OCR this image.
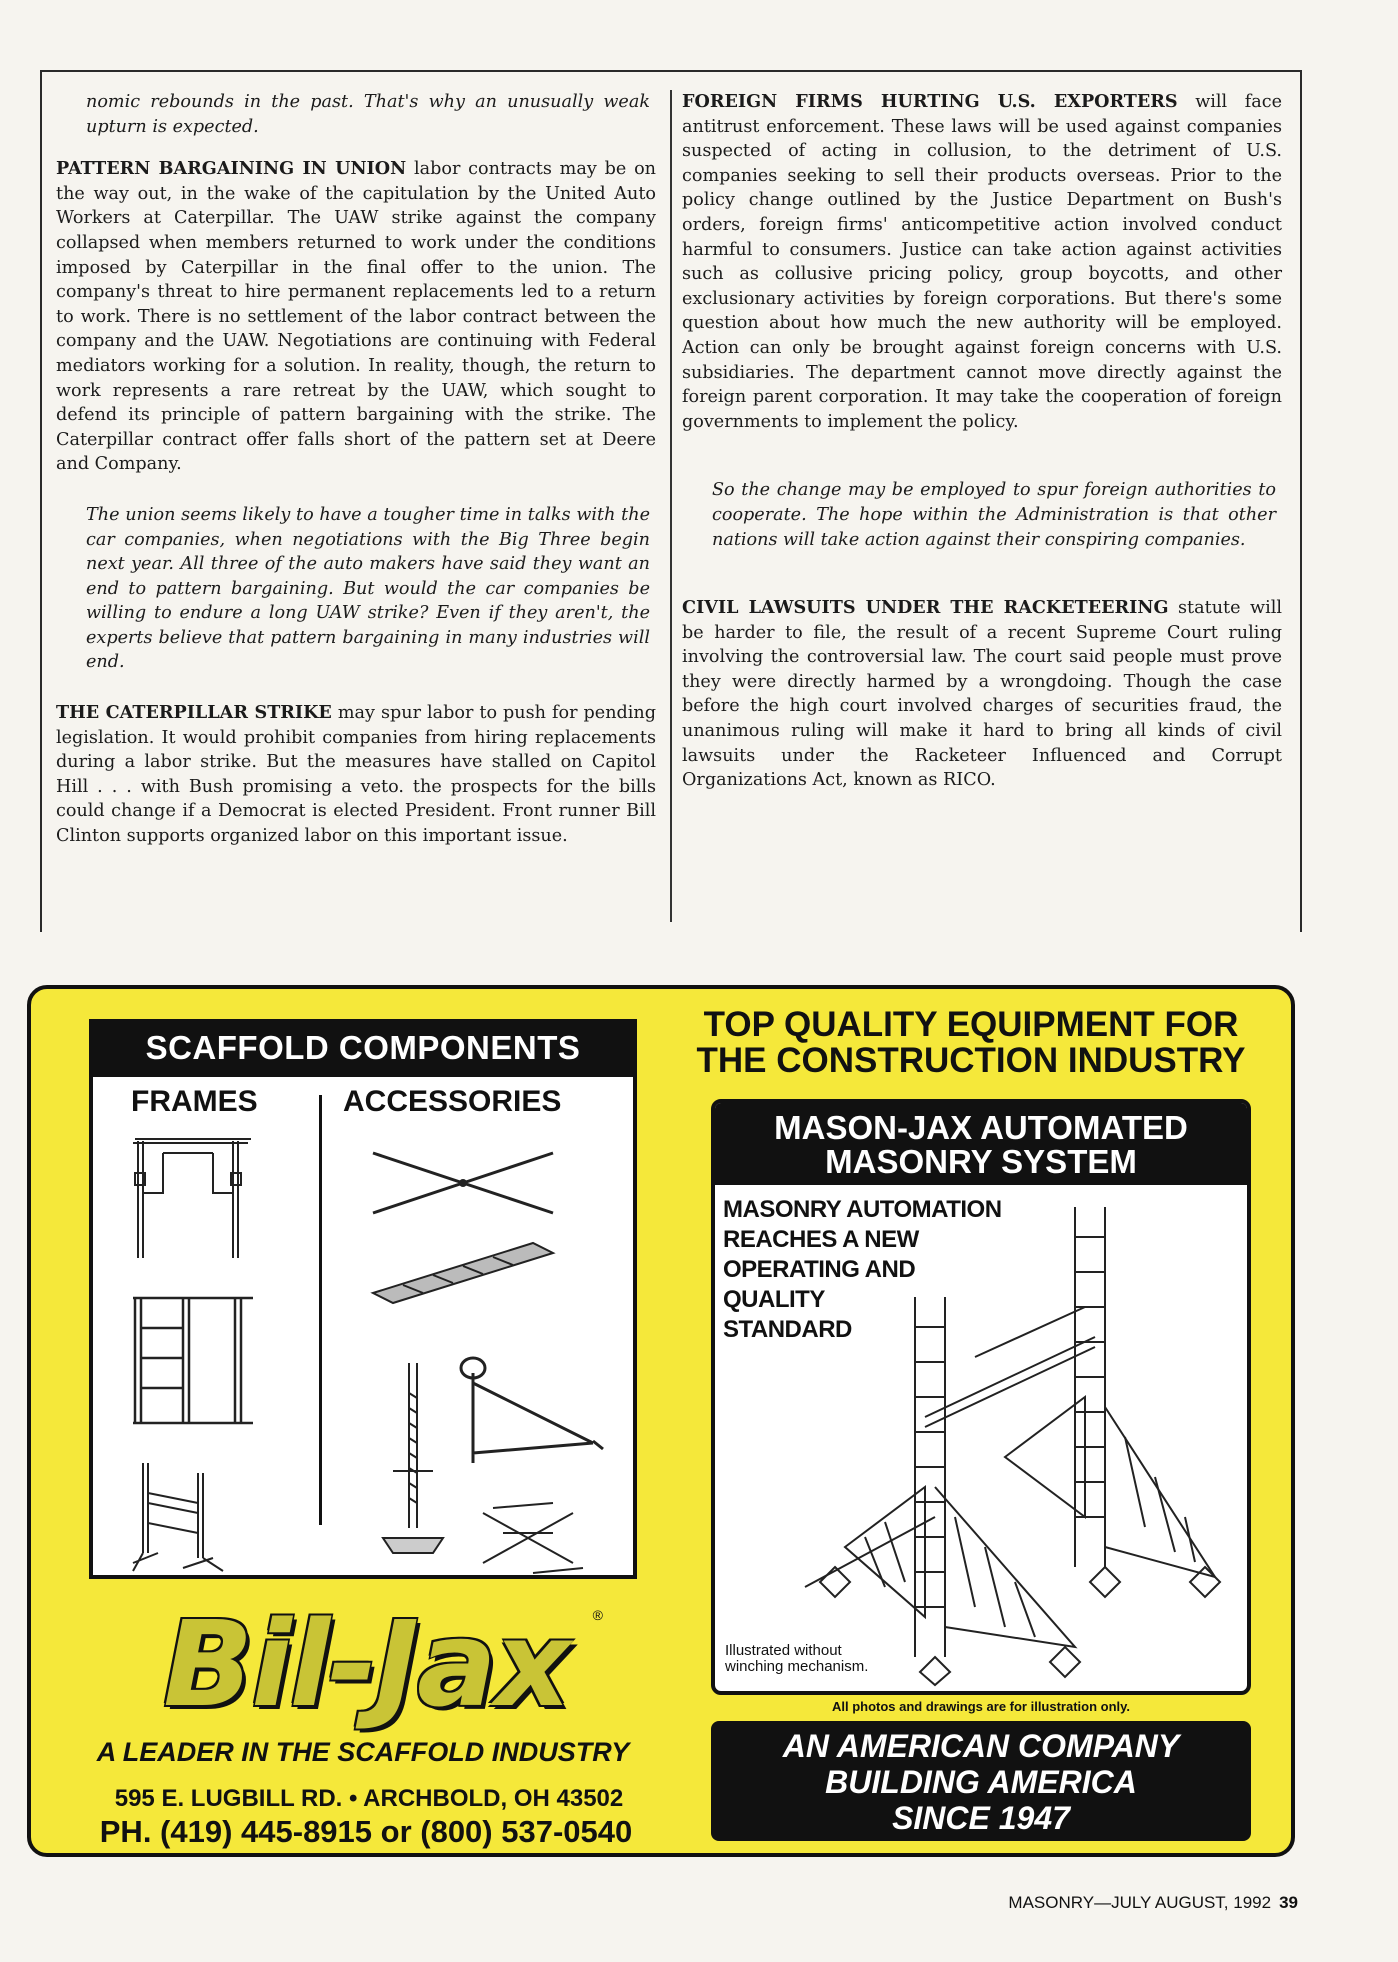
nomic rebounds in the past. That's why an unusually weak upturn is expected.

PATTERN BARGAINING IN UNION labor contracts may be on the way out, in the wake of the capitulation by the United Auto Workers at Caterpillar. The UAW strike against the company collapsed when members returned to work under the conditions imposed by Caterpillar in the final offer to the union. The company's threat to hire permanent replacements led to a return to work. There is no settlement of the labor contract between the company and the UAW. Negotiations are continuing with Federal mediators working for a solution. In reality, though, the return to work represents a rare retreat by the UAW, which sought to defend its principle of pattern bargaining with the strike. The Caterpillar contract offer falls short of the pattern set at Deere and Company.

The union seems likely to have a tougher time in talks with the car companies, when negotiations with the Big Three begin next year. All three of the auto makers have said they want an end to pattern bargaining. But would the car companies be willing to endure a long UAW strike? Even if they aren't, the experts believe that pattern bargaining in many industries will end.

THE CATERPILLAR STRIKE may spur labor to push for pending legislation. It would prohibit companies from hiring replacements during a labor strike. But the measures have stalled on Capitol Hill . . . with Bush promising a veto. the prospects for the bills could change if a Democrat is elected President. Front runner Bill Clinton supports organized labor on this important issue.

FOREIGN FIRMS HURTING U.S. EXPORTERS will face antitrust enforcement. These laws will be used against companies suspected of acting in collusion, to the detriment of U.S. companies seeking to sell their products overseas. Prior to the policy change outlined by the Justice Department on Bush's orders, foreign firms' anticompetitive action involved conduct harmful to consumers. Justice can take action against activities such as collusive pricing policy, group boycotts, and other exclusionary activities by foreign corporations. But there's some question about how much the new authority will be employed. Action can only be brought against foreign concerns with U.S. subsidiaries. The department cannot move directly against the foreign parent corporation. It may take the cooperation of foreign governments to implement the policy.

So the change may be employed to spur foreign authorities to cooperate. The hope within the Administration is that other nations will take action against their conspiring companies.

CIVIL LAWSUITS UNDER THE RACKETEERING statute will be harder to file, the result of a recent Supreme Court ruling involving the controversial law. The court said people must prove they were directly harmed by a wrongdoing. Though the case before the high court involved charges of securities fraud, the unanimous ruling will make it hard to bring all kinds of civil lawsuits under the Racketeer Influenced and Corrupt Organizations Act, known as RICO.

SCAFFOLD COMPONENTS
FRAMES	ACCESSORIES
Bil-Jax	®
A LEADER IN THE SCAFFOLD INDUSTRY
595 E. LUGBILL RD. • ARCHBOLD, OH 43502
PH. (419) 445-8915 or (800) 537-0540
TOP QUALITY EQUIPMENT FOR
THE CONSTRUCTION INDUSTRY
MASON-JAX AUTOMATED
MASONRY SYSTEM
MASONRY AUTOMATION
REACHES A NEW
OPERATING AND
QUALITY
STANDARD
Illustrated without
winching mechanism.
All photos and drawings are for illustration only.
AN AMERICAN COMPANY
BUILDING AMERICA
SINCE 1947
MASONRY—JULY AUGUST, 1992 39
